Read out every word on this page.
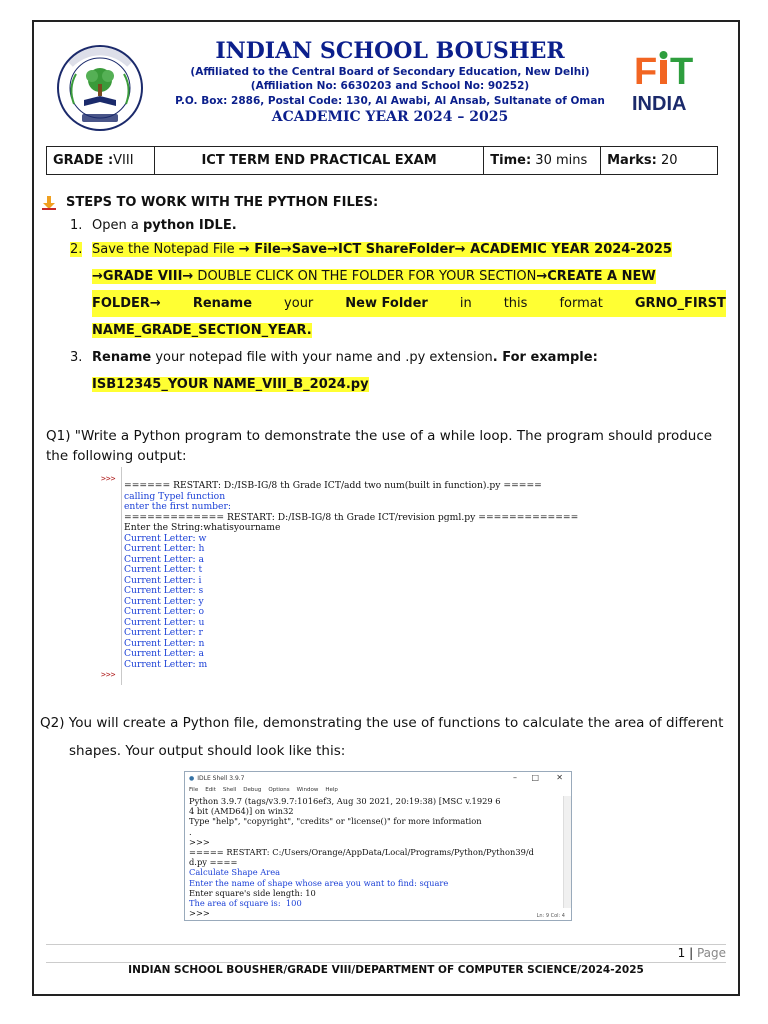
INDIAN SCHOOL BOUSHER
(Affiliated to the Central Board of Secondary Education, New Delhi)
(Affiliation No: 6630203 and School No: 90252)
P.O. Box: 2886, Postal Code: 130, Al Awabi, Al Ansab, Sultanate of Oman
ACADEMIC YEAR 2024 – 2025
F T
INDIA
GRADE :VIII	ICT TERM END PRACTICAL EXAM	Time: 30 mins	Marks: 20
STEPS TO WORK WITH THE PYTHON FILES:
1. Open a python IDLE.
2. Save the Notepad File → File→Save→ICT ShareFolder→ ACADEMIC YEAR 2024-2025
→GRADE VIII→ DOUBLE CLICK ON THE FOLDER FOR YOUR SECTION→CREATE A NEW
FOLDER→ Rename your New Folder in this format GRNO_FIRST
NAME_GRADE_SECTION_YEAR.
3. Rename your notepad file with your name and .py extension. For example:
ISB12345_YOUR NAME_VIII_B_2024.py
Q1) "Write a Python program to demonstrate the use of a while loop. The program should produce
the following output:
>>>
>>>
====== RESTART: D:/ISB-IG/8 th Grade ICT/add two num(built in function).py =====
calling Typel function
enter the first number:
============= RESTART: D:/ISB-IG/8 th Grade ICT/revision pgml.py =============
Enter the String:whatisyourname
Current Letter: w
Current Letter: h
Current Letter: a
Current Letter: t
Current Letter: i
Current Letter: s
Current Letter: y
Current Letter: o
Current Letter: u
Current Letter: r
Current Letter: n
Current Letter: a
Current Letter: m
Q2) You will create a Python file, demonstrating the use of functions to calculate the area of different
shapes. Your output should look like this:
● IDLE Shell 3.9.7	– □ ✕
File Edit Shell Debug Options Window Help
Python 3.9.7 (tags/v3.9.7:1016ef3, Aug 30 2021, 20:19:38) [MSC v.1929 6
4 bit (AMD64)] on win32
Type "help", "copyright", "credits" or "license()" for more information
.
>>>
===== RESTART: C:/Users/Orange/AppData/Local/Programs/Python/Python39/d
d.py ====
Calculate Shape Area
Enter the name of shape whose area you want to find: square
Enter square's side length: 10
The area of square is:  100
>>>	Ln: 9 Col: 4
1 | Page
INDIAN SCHOOL BOUSHER/GRADE VIII/DEPARTMENT OF COMPUTER SCIENCE/2024-2025
